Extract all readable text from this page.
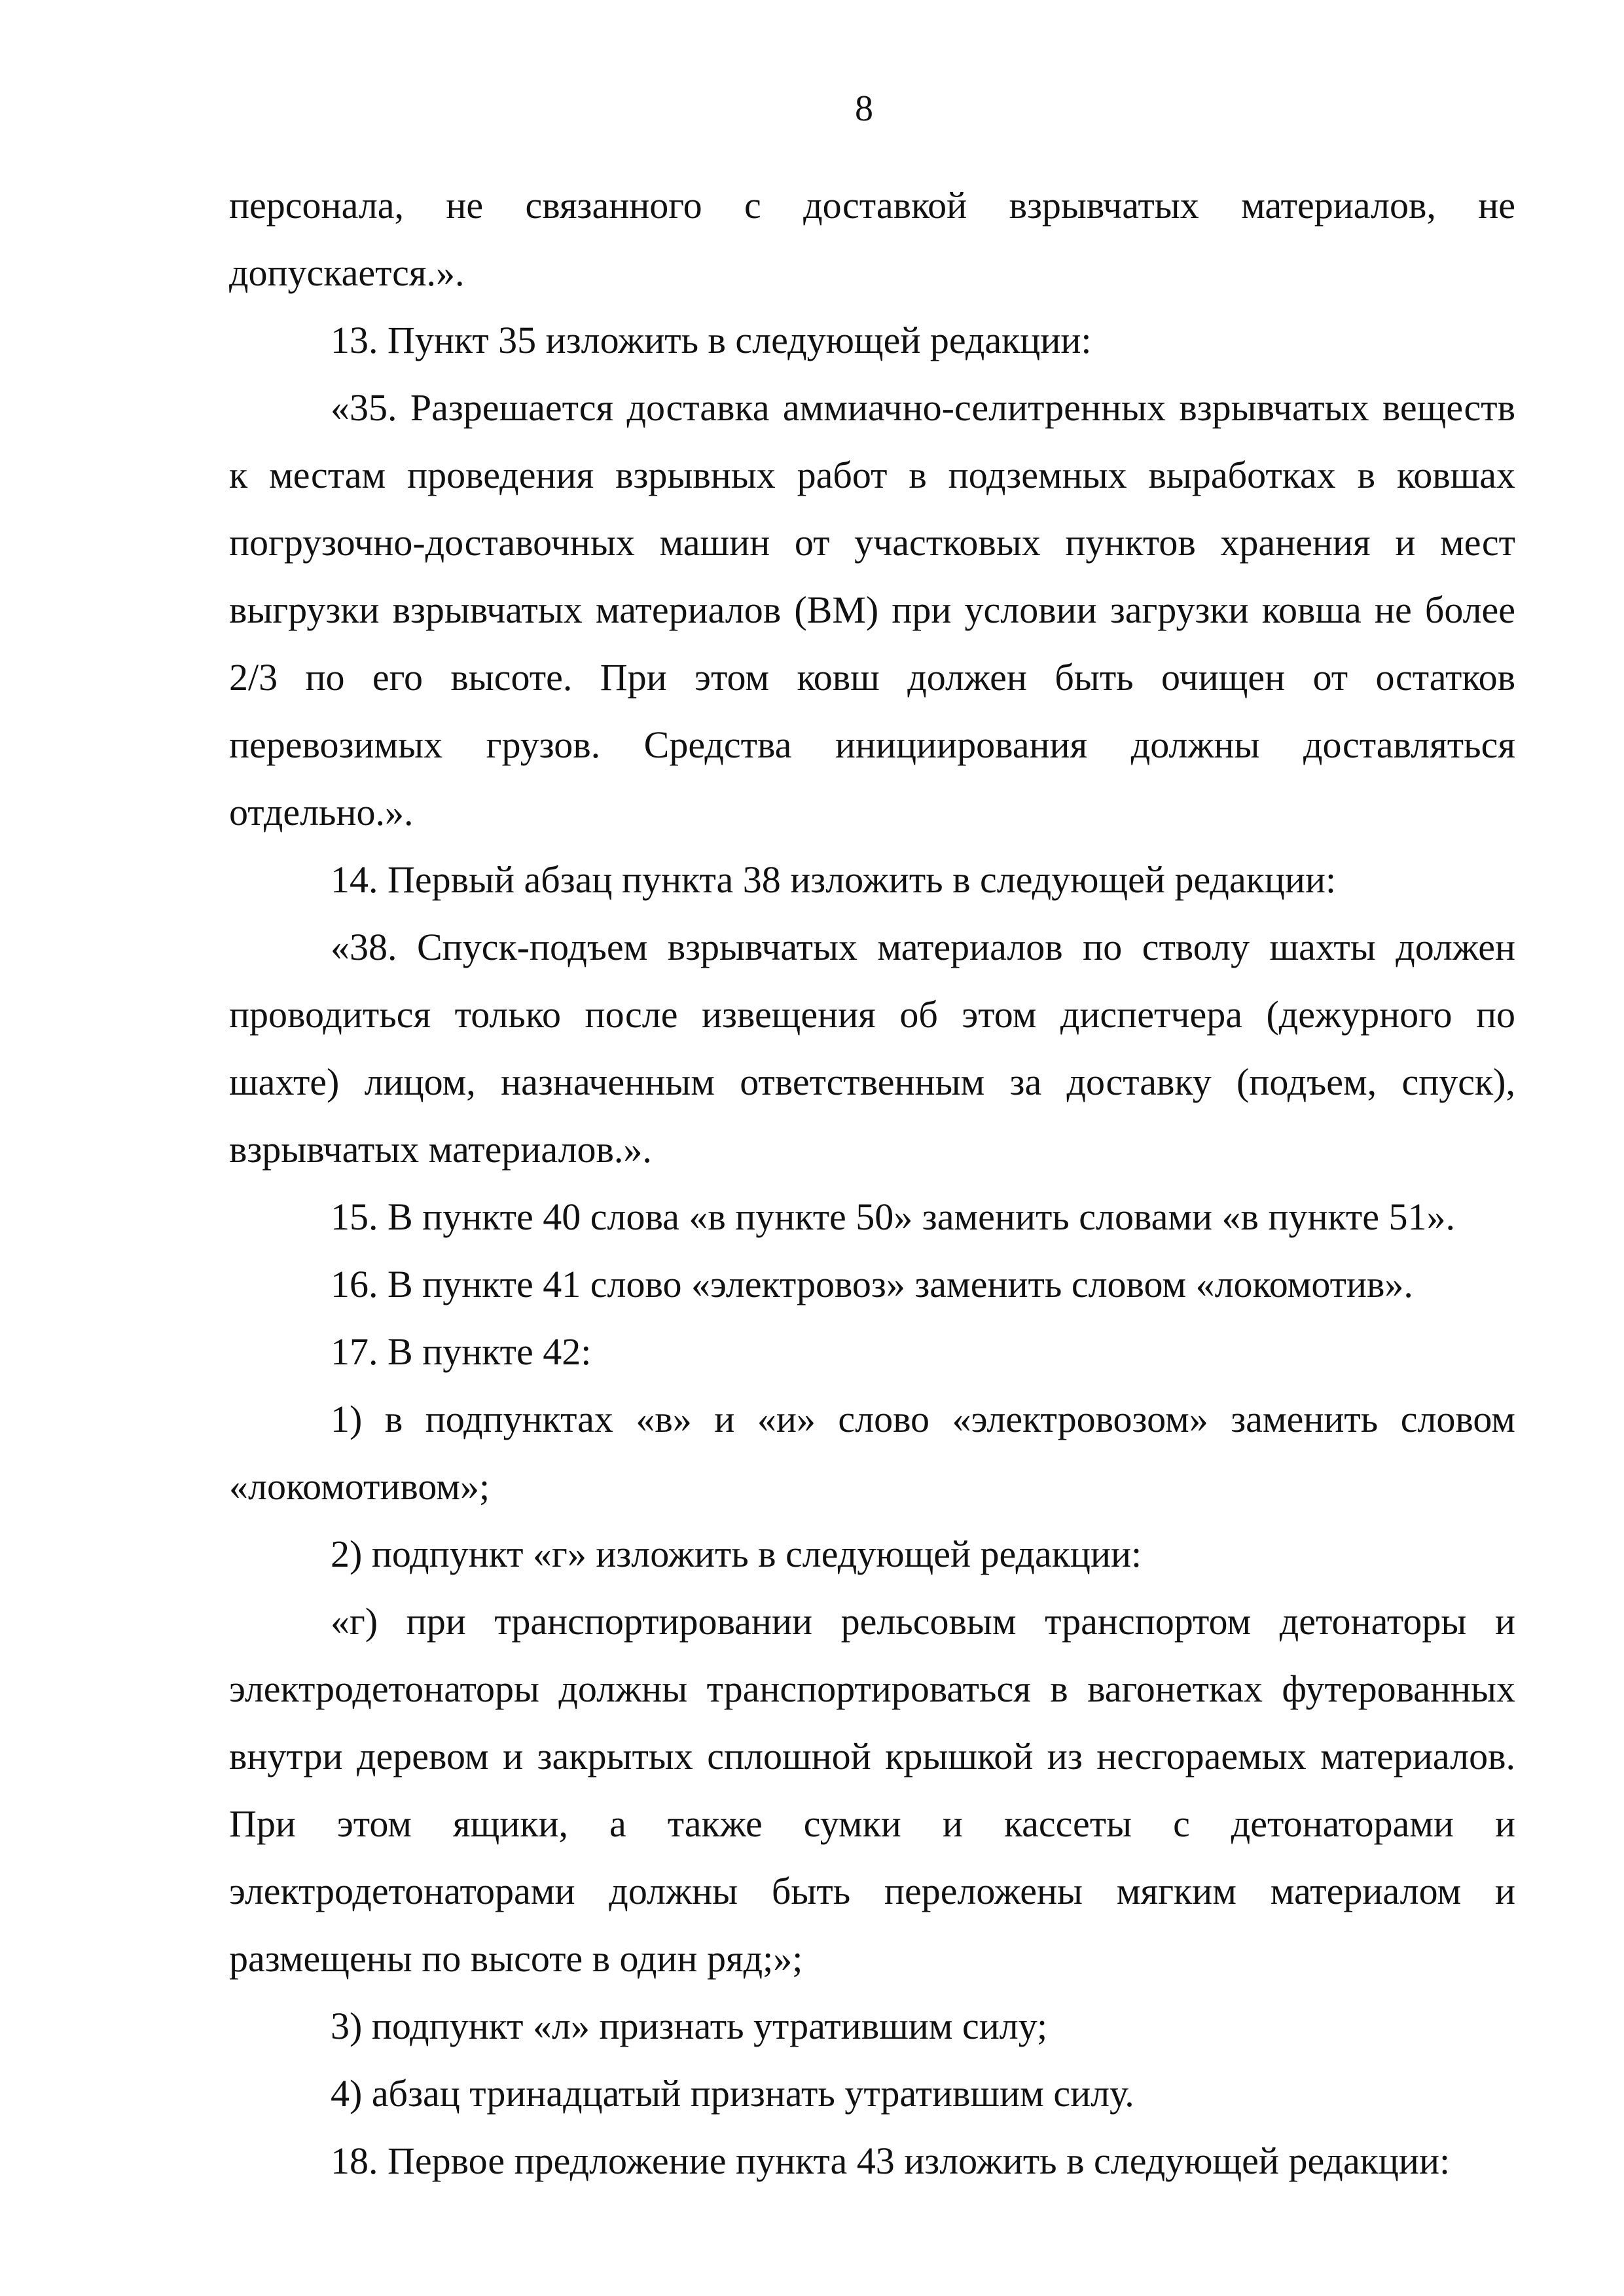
8

персонала, не связанного с доставкой взрывчатых материалов, не допускается.».

13. Пункт 35 изложить в следующей редакции:

«35. Разрешается доставка аммиачно-селитренных взрывчатых веществ к местам проведения взрывных работ в подземных выработках в ковшах погрузочно-доставочных машин от участковых пунктов хранения и мест выгрузки взрывчатых материалов (ВМ) при условии загрузки ковша не более 2/3 по его высоте. При этом ковш должен быть очищен от остатков перевозимых грузов. Средства инициирования должны доставляться отдельно.».

14. Первый абзац пункта 38 изложить в следующей редакции:

«38. Спуск-подъем взрывчатых материалов по стволу шахты должен проводиться только после извещения об этом диспетчера (дежурного по шахте) лицом, назначенным ответственным за доставку (подъем, спуск), взрывчатых материалов.».

15. В пункте 40 слова «в пункте 50» заменить словами «в пункте 51».

16. В пункте 41 слово «электровоз» заменить словом «локомотив».

17. В пункте 42:

1) в подпунктах «в» и «и» слово «электровозом» заменить словом «локомотивом»;

2) подпункт «г» изложить в следующей редакции:

«г) при транспортировании рельсовым транспортом детонаторы и электродетонаторы должны транспортироваться в вагонетках футерованных внутри деревом и закрытых сплошной крышкой из несгораемых материалов. При этом ящики, а также сумки и кассеты с детонаторами и электродетонаторами должны быть переложены мягким материалом и размещены по высоте в один ряд;»;

3) подпункт «л» признать утратившим силу;

4) абзац тринадцатый признать утратившим силу.

18. Первое предложение пункта 43 изложить в следующей редакции:
